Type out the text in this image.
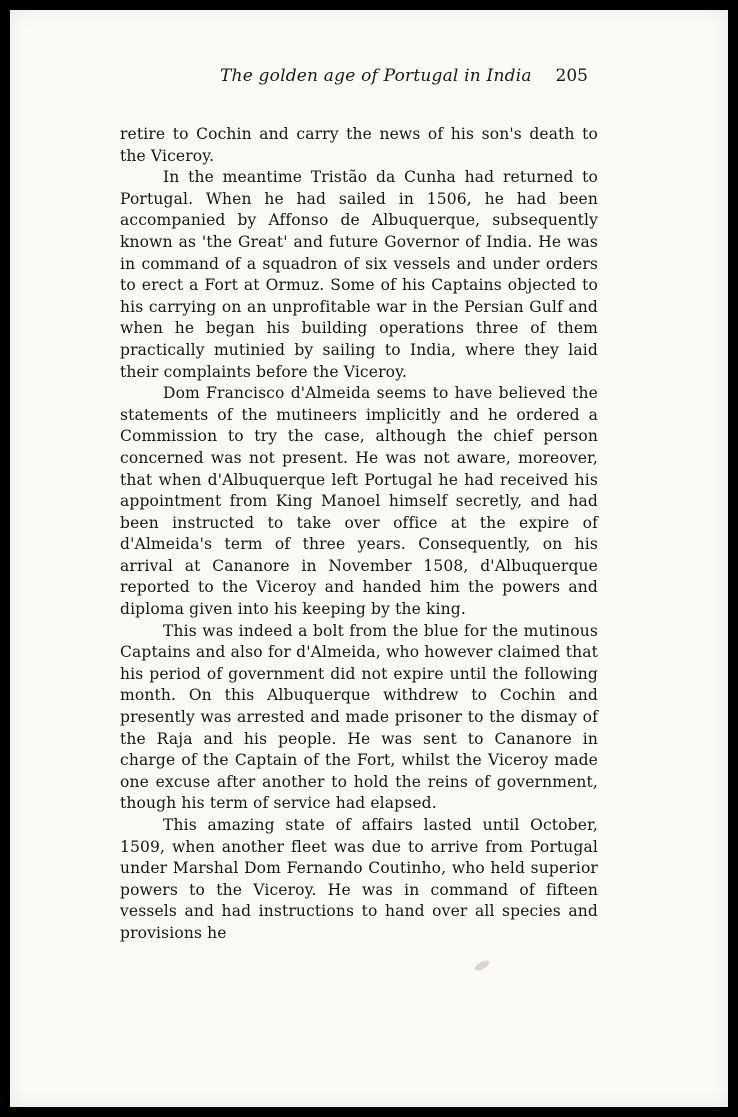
The golden age of Portugal in India 205

retire to Cochin and carry the news of his son's death to the Viceroy.

In the meantime Tristão da Cunha had returned to Portugal. When he had sailed in 1506, he had been accompanied by Affonso de Albuquerque, subsequently known as 'the Great' and future Governor of India. He was in command of a squadron of six vessels and under orders to erect a Fort at Ormuz. Some of his Captains objected to his carrying on an unprofitable war in the Persian Gulf and when he began his building operations three of them practically mutinied by sailing to India, where they laid their complaints before the Viceroy.

Dom Francisco d'Almeida seems to have believed the statements of the mutineers implicitly and he ordered a Commission to try the case, although the chief person concerned was not present. He was not aware, moreover, that when d'Albuquerque left Portugal he had received his appointment from King Manoel himself secretly, and had been instructed to take over office at the expire of d'Almeida's term of three years. Consequently, on his arrival at Cananore in November 1508, d'Albuquerque reported to the Viceroy and handed him the powers and diploma given into his keeping by the king.

This was indeed a bolt from the blue for the mutinous Captains and also for d'Almeida, who however claimed that his period of government did not expire until the following month. On this Albuquerque withdrew to Cochin and presently was arrested and made prisoner to the dismay of the Raja and his people. He was sent to Cananore in charge of the Captain of the Fort, whilst the Viceroy made one excuse after another to hold the reins of government, though his term of service had elapsed.

This amazing state of affairs lasted until October, 1509, when another fleet was due to arrive from Portugal under Marshal Dom Fernando Coutinho, who held superior powers to the Viceroy. He was in command of fifteen vessels and had instructions to hand over all species and provisions he
